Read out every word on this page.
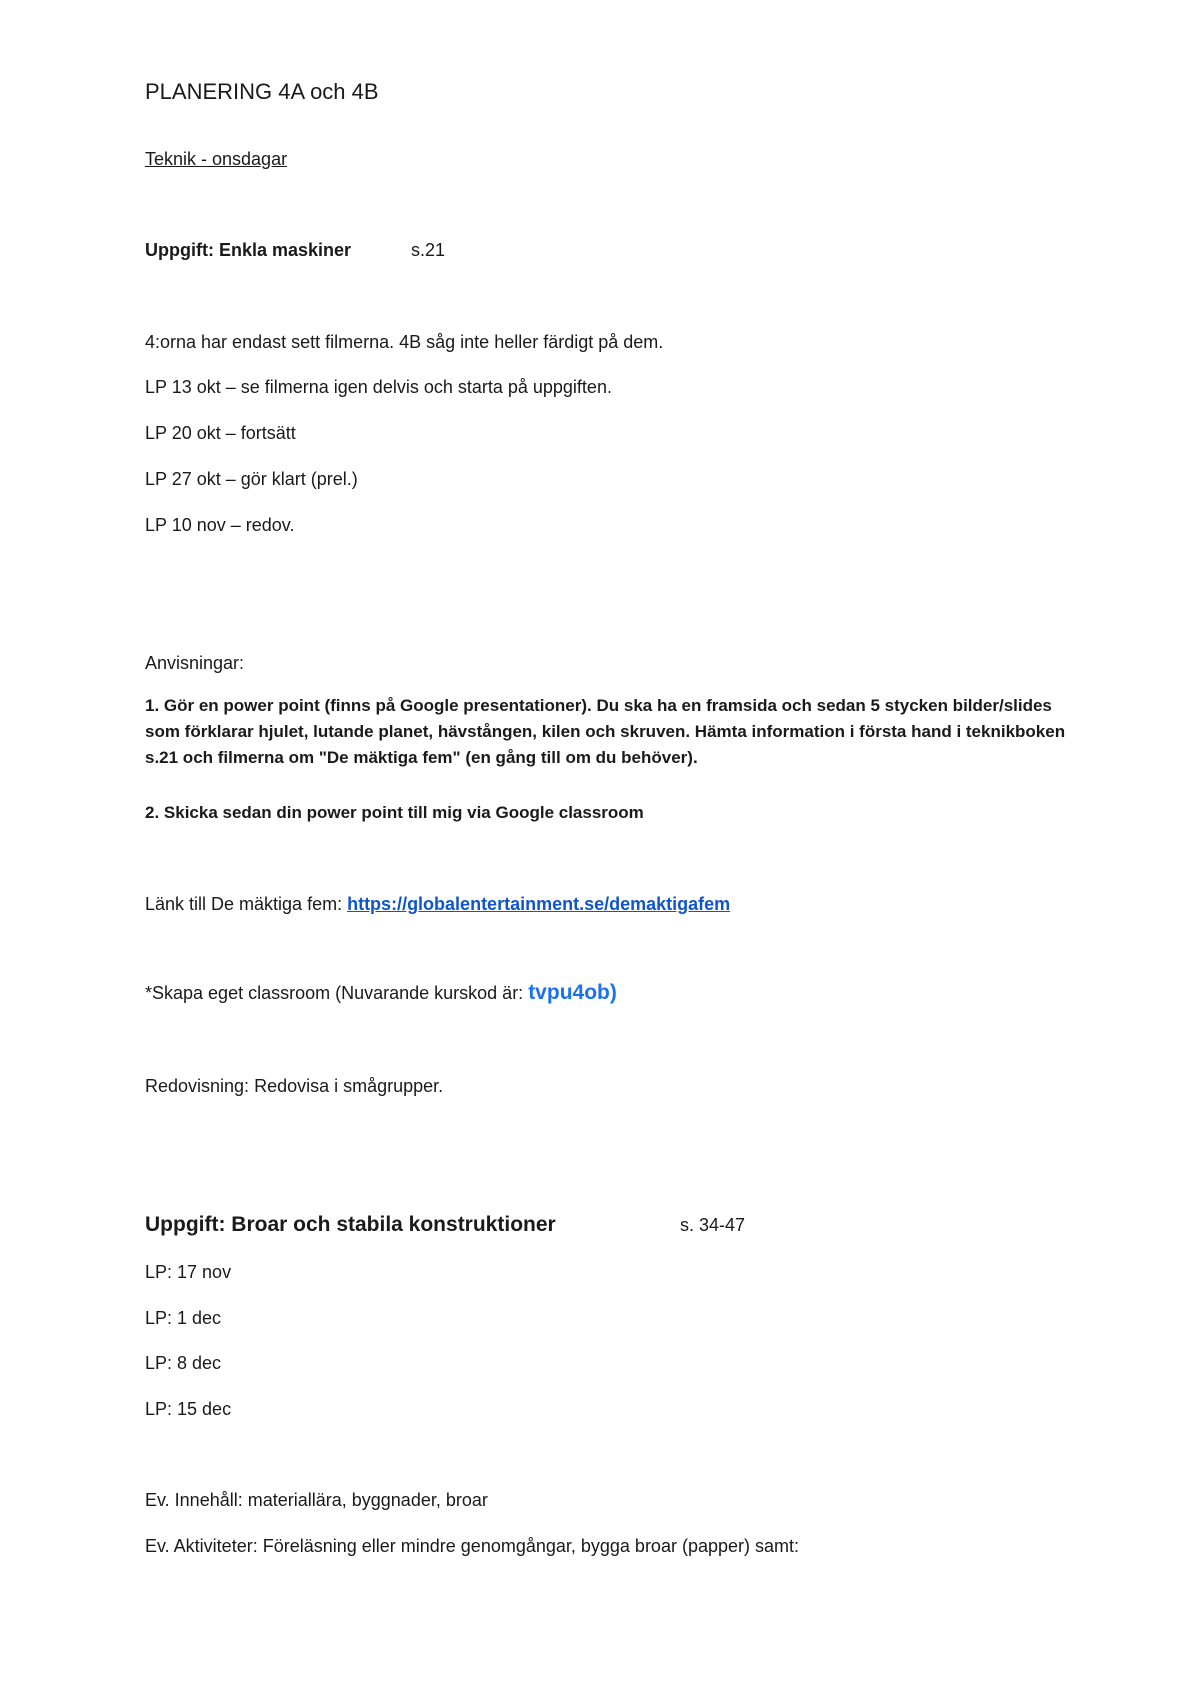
PLANERING 4A och 4B
Teknik - onsdagar
Uppgift: Enkla maskiner	s.21
4:orna har endast sett filmerna. 4B såg inte heller färdigt på dem.
LP 13 okt – se filmerna igen delvis och starta på uppgiften.
LP 20 okt – fortsätt
LP 27 okt – gör klart (prel.)
LP 10 nov – redov.
Anvisningar:
1. Gör en power point (finns på Google presentationer). Du ska ha en framsida och sedan 5 stycken bilder/slides som förklarar hjulet, lutande planet, hävstången, kilen och skruven. Hämta information i första hand i teknikboken s.21 och filmerna om "De mäktiga fem" (en gång till om du behöver).
2. Skicka sedan din power point till mig via Google classroom
Länk till De mäktiga fem: https://globalentertainment.se/demaktigafem
*Skapa eget classroom (Nuvarande kurskod är: tvpu4ob)
Redovisning: Redovisa i smågrupper.
Uppgift: Broar och stabila konstruktioner	s. 34-47
LP: 17 nov
LP: 1 dec
LP: 8 dec
LP: 15 dec
Ev. Innehåll: materiallära, byggnader, broar
Ev. Aktiviteter: Föreläsning eller mindre genomgångar, bygga broar (papper) samt:
